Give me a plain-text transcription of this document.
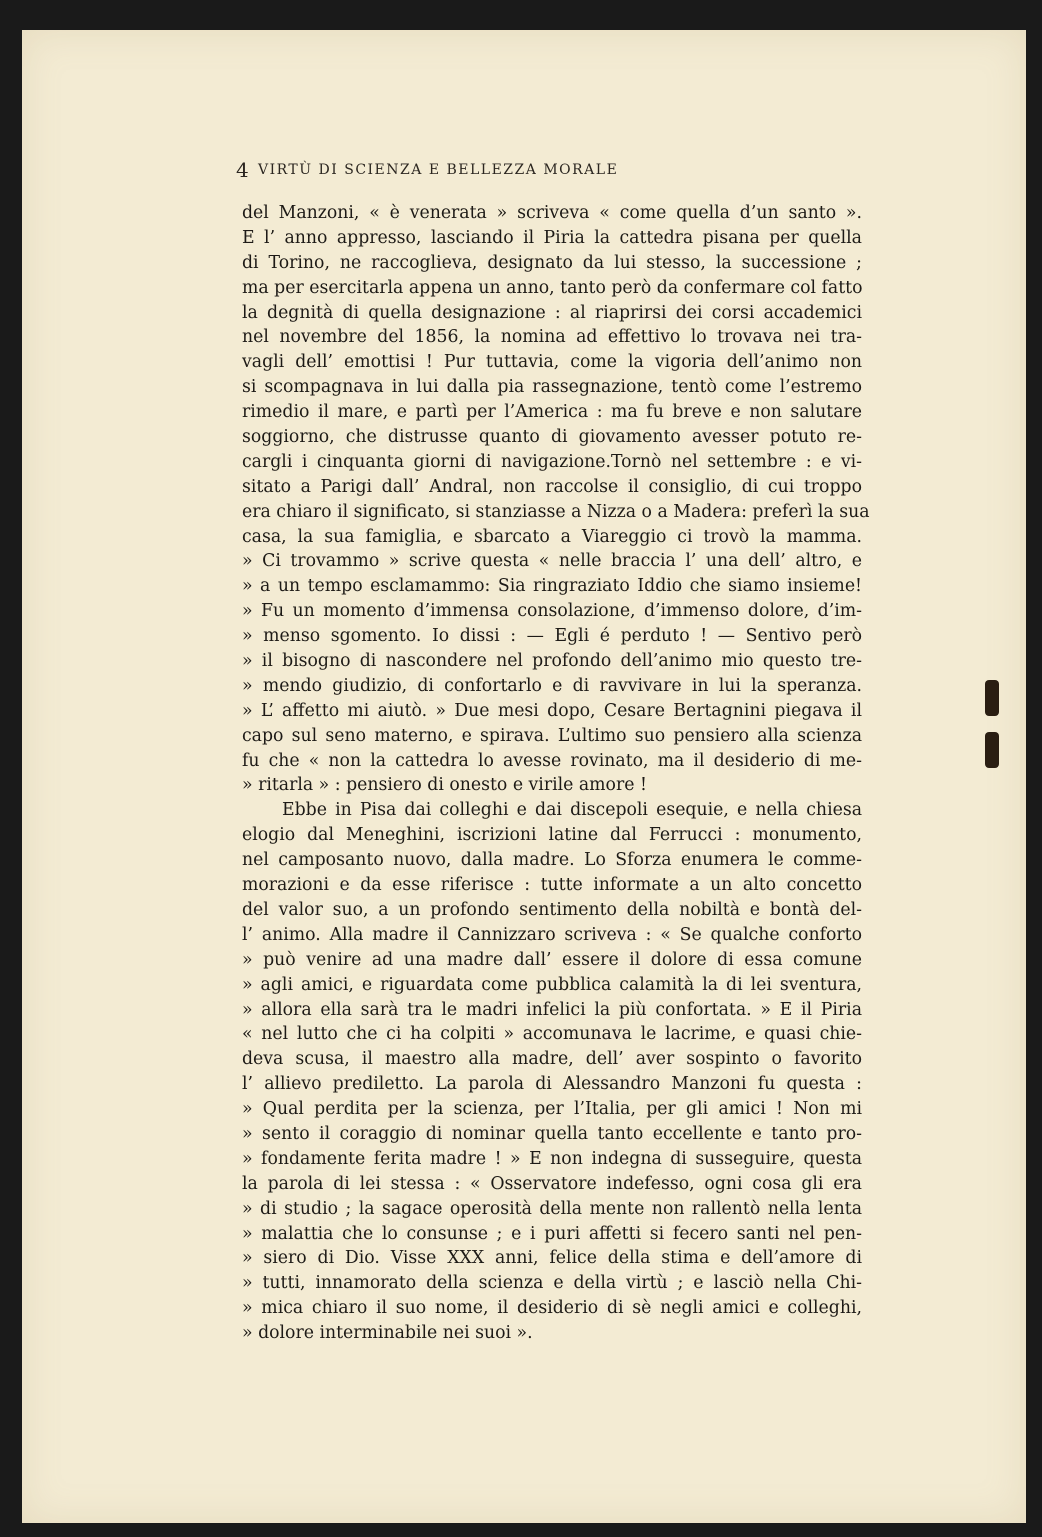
4 VIRTÙ DI SCIENZA E BELLEZZA MORALE
del Manzoni, « è venerata » scriveva « come quella d’un santo ».
E l’ anno appresso, lasciando il Piria la cattedra pisana per quella
di Torino, ne raccoglieva, designato da lui stesso, la successione ;
ma per esercitarla appena un anno, tanto però da confermare col fatto
la degnità di quella designazione : al riaprirsi dei corsi accademici
nel novembre del 1856, la nomina ad effettivo lo trovava nei tra-
vagli dell’ emottisi ! Pur tuttavia, come la vigoria dell’animo non
si scompagnava in lui dalla pia rassegnazione, tentò come l’estremo
rimedio il mare, e partì per l’America : ma fu breve e non salutare
soggiorno, che distrusse quanto di giovamento avesser potuto re-
cargli i cinquanta giorni di navigazione.Tornò nel settembre : e vi-
sitato a Parigi dall’ Andral, non raccolse il consiglio, di cui troppo
era chiaro il significato, si stanziasse a Nizza o a Madera: preferì la sua
casa, la sua famiglia, e sbarcato a Viareggio ci trovò la mamma.
» Ci trovammo » scrive questa « nelle braccia l’ una dell’ altro, e
» a un tempo esclamammo: Sia ringraziato Iddio che siamo insieme!
» Fu un momento d’immensa consolazione, d’immenso dolore, d’im-
» menso sgomento. Io dissi : — Egli é perduto ! — Sentivo però
» il bisogno di nascondere nel profondo dell’animo mio questo tre-
» mendo giudizio, di confortarlo e di ravvivare in lui la speranza.
» L’ affetto mi aiutò. » Due mesi dopo, Cesare Bertagnini piegava il
capo sul seno materno, e spirava. L’ultimo suo pensiero alla scienza
fu che « non la cattedra lo avesse rovinato, ma il desiderio di me-
» ritarla » : pensiero di onesto e virile amore !
Ebbe in Pisa dai colleghi e dai discepoli esequie, e nella chiesa
elogio dal Meneghini, iscrizioni latine dal Ferrucci : monumento,
nel camposanto nuovo, dalla madre. Lo Sforza enumera le comme-
morazioni e da esse riferisce : tutte informate a un alto concetto
del valor suo, a un profondo sentimento della nobiltà e bontà del-
l’ animo. Alla madre il Cannizzaro scriveva : « Se qualche conforto
» può venire ad una madre dall’ essere il dolore di essa comune
» agli amici, e riguardata come pubblica calamità la di lei sventura,
» allora ella sarà tra le madri infelici la più confortata. » E il Piria
« nel lutto che ci ha colpiti » accomunava le lacrime, e quasi chie-
deva scusa, il maestro alla madre, dell’ aver sospinto o favorito
l’ allievo prediletto. La parola di Alessandro Manzoni fu questa :
» Qual perdita per la scienza, per l’Italia, per gli amici ! Non mi
» sento il coraggio di nominar quella tanto eccellente e tanto pro-
» fondamente ferita madre ! » E non indegna di susseguire, questa
la parola di lei stessa : « Osservatore indefesso, ogni cosa gli era
» di studio ; la sagace operosità della mente non rallentò nella lenta
» malattia che lo consunse ; e i puri affetti si fecero santi nel pen-
» siero di Dio. Visse XXX anni, felice della stima e dell’amore di
» tutti, innamorato della scienza e della virtù ; e lasciò nella Chi-
» mica chiaro il suo nome, il desiderio di sè negli amici e colleghi,
» dolore interminabile nei suoi ».
